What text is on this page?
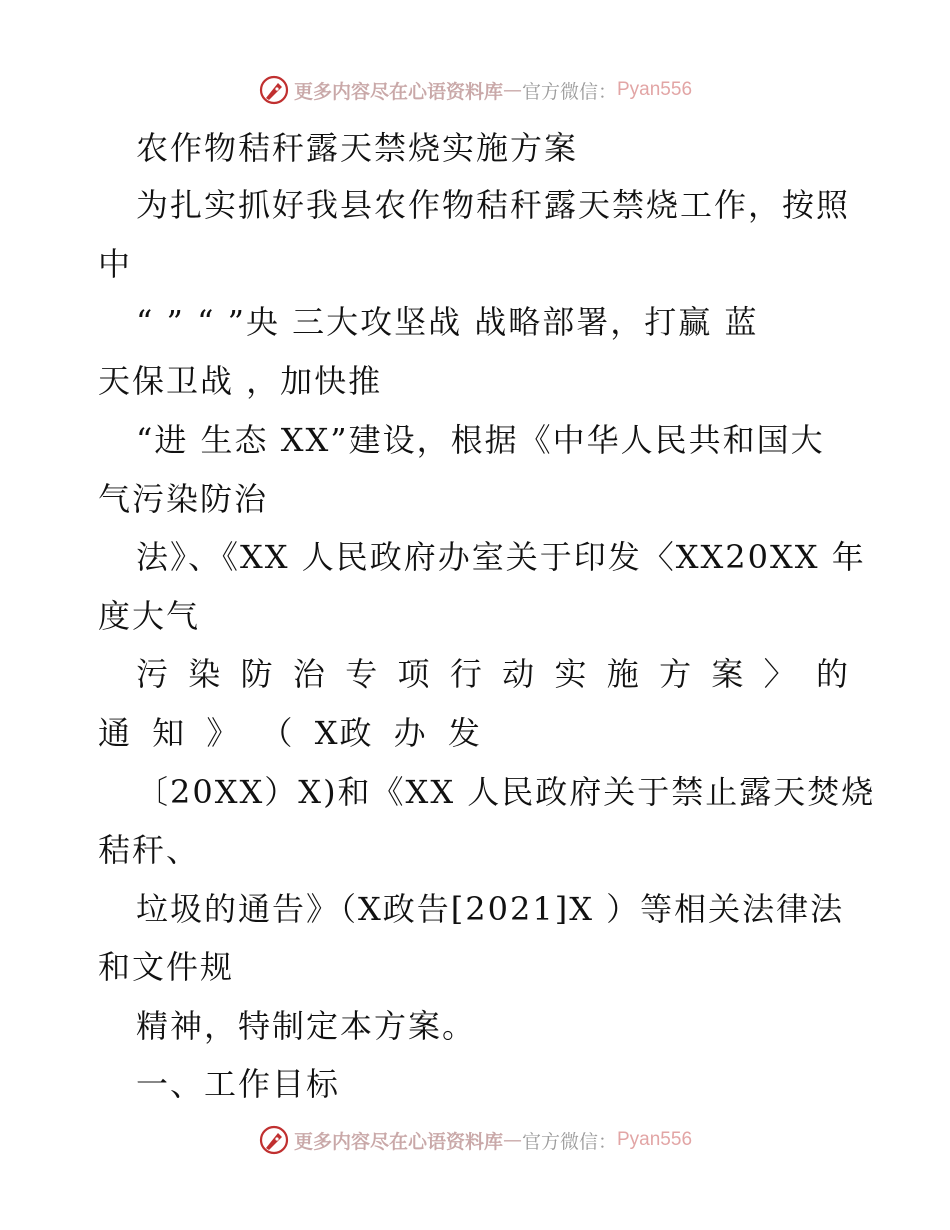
更多内容尽在心语资料库 — 官方微信： Pyan556
农作物秸秆露天禁烧实施方案
为扎实抓好我县农作物秸秆露天禁烧工作，按照
中
“ ” “ ”央 三大攻坚战 战略部署，打赢 蓝
天保卫战 ，加快推
“进 生态 XX”建设，根据《中华人民共和国大
气污染防治
法》、《XX 人民政府办室关于印发〈XX20XX 年
度大气
污 染 防 治 专 项 行 动 实 施 方 案 〉 的
通 知 》 （ X政 办 发
〔20XX）X)和《XX 人民政府关于禁止露天焚烧
秸秆、
垃圾的通告》（X政告[2021]X ）等相关法律法
和文件规
精神，特制定本方案。
一、工作目标
更多内容尽在心语资料库 — 官方微信： Pyan556
